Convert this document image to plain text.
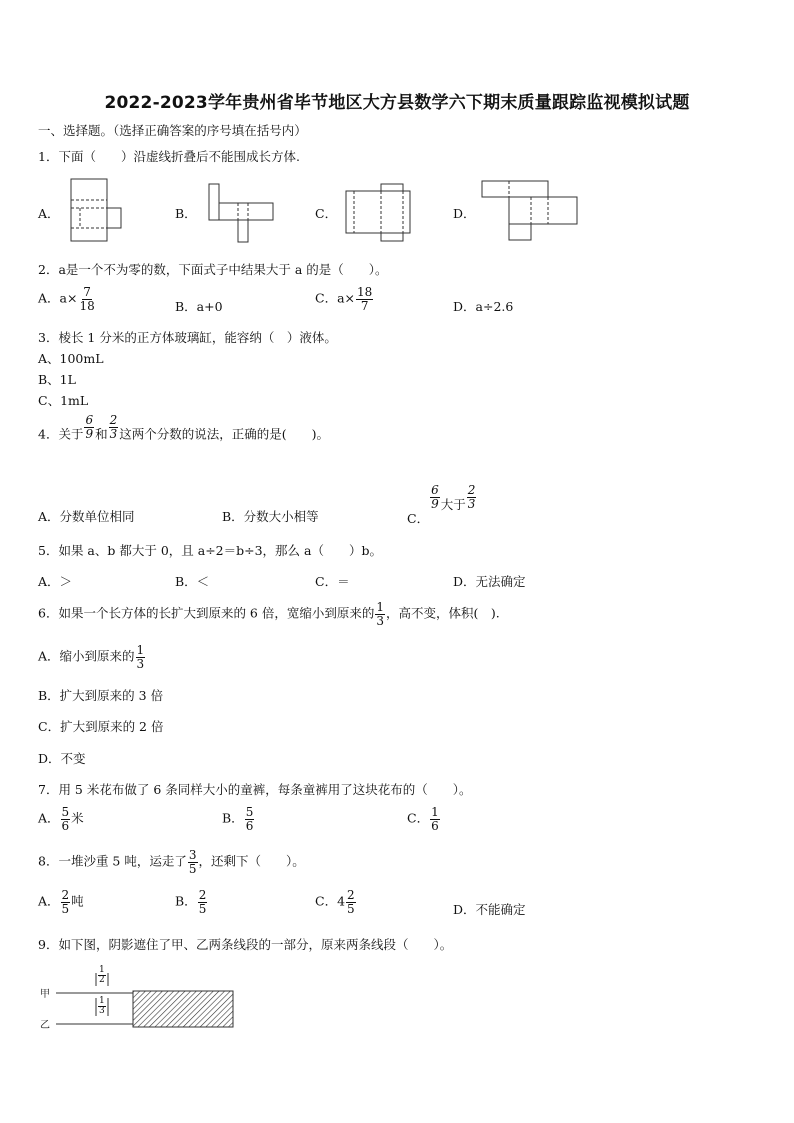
2022-2023学年贵州省毕节地区大方县数学六下期末质量跟踪监视模拟试题
一、选择题。（选择正确答案的序号填在括号内）
1．下面（　　）沿虚线折叠后不能围成长方体.
A．	B．	C．	D．
2．a是一个不为零的数，下面式子中结果大于 a 的是（　　）。
A．$a\times \frac{7}{18}$	B．a+0
C．$a\times \frac{18}{7}$	D．a÷2.6
3．棱长 1 分米的正方体玻璃缸，能容纳（　）液体。
A、100mL
B、1L
C、1mL
4．关于 $\frac{6}{9}$ 和 $\frac{2}{3}$ 这两个分数的说法，正确的是(　　)。
A．分数单位相同	B．分数大小相等	C．
$\frac{6}{9}$ 大于 $\frac{2}{3}$
5．如果 a、b 都大于 0，且 a÷2＝b÷3，那么 a（　　）b。
A．＞	B．＜	C．＝	D．无法确定
6．如果一个长方体的长扩大到原来的 6 倍，宽缩小到原来的 $\frac{1}{3}$ ，高不变，体积(　).
A．缩小到原来的 $\frac{1}{3}$
B．扩大到原来的 3 倍
C．扩大到原来的 2 倍
D．不变
7．用 5 米花布做了 6 条同样大小的童裤，每条童裤用了这块花布的（　　）。
A． $\frac{5}{6}$ 米	B． $\frac{5}{6}$	C． $\frac{1}{6}$
8．一堆沙重 5 吨，运走了 $\frac{3}{5}$ ，还剩下（　　）。
A． $\frac{2}{5}$ 吨	B． $\frac{2}{5}$	C．$4 \frac{2}{5}$	D．不能确定
9．如下图，阴影遮住了甲、乙两条线段的一部分，原来两条线段（　　）。
甲
乙
$\frac{1}{2}$
$\frac{1}{3}$
